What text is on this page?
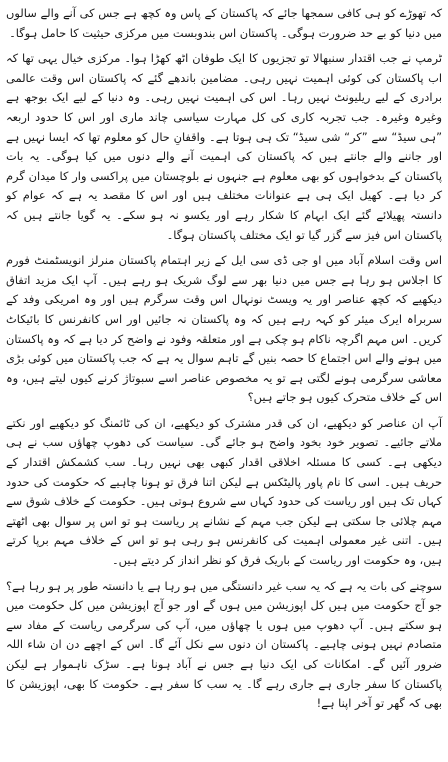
کہ تھوڑے کو ہی کافی سمجھا جائے کہ پاکستان کے پاس وہ کچھ ہے جس کی آنے والے سالوں میں دنیا کو بے حد ضرورت ہوگی۔ پاکستان اس بندوبست میں مرکزی حیثیت کا حامل ہوگا۔

ٹرمپ نے جب اقتدار سنبھالا تو تجزیوں کا ایک طوفان اٹھ کھڑا ہوا۔ مرکزی خیال یہی تھا کہ اب پاکستان کی کوئی اہمیت نہیں رہی۔ مضامین باندھے گئے کہ پاکستان اس وقت عالمی برادری کے لیے ریلیونٹ نہیں رہا۔ اس کی اہمیت نہیں رہی۔ وہ دنیا کے لیے ایک بوجھ ہے وغیرہ وغیرہ۔ جب تجربہ کاری کی کل مہارت سیاسی چاند ماری اور اس کا حدود اربعہ ”ہی سیڈ“ سے ”کر“ شی سیڈ“ تک ہی ہوتا ہے۔ واقفانِ حال کو معلوم تھا کہ ایسا نہیں ہے اور جاننے والے جانتے ہیں کہ پاکستان کی اہمیت آنے والے دنوں میں کیا ہوگی۔ یہ بات پاکستان کے بدخواہوں کو بھی معلوم ہے جنہوں نے بلوچستان میں پراکسی وار کا میدان گرم کر دیا ہے۔ کھیل ایک ہی ہے عنوانات مختلف ہیں اور اس کا مقصد یہ ہے کہ عوام کو دانستہ پھیلائے گئے ایک ابہام کا شکار رہے اور یکسو نہ ہو سکے۔ یہ گویا جانتے ہیں کہ پاکستان اس فیز سے گزر گیا تو ایک مختلف پاکستان ہوگا۔

اس وقت اسلام آباد میں او جی ڈی سی ایل کے زیر اہتمام پاکستان منرلز انویسٹمنٹ فورم کا اجلاس ہو رہا ہے جس میں دنیا بھر سے لوگ شریک ہو رہے ہیں۔ آپ ایک مزید اتفاق دیکھیے کہ کچھ عناصر اور یہ ویسٹ نونہال اس وقت سرگرم ہیں اور وہ امریکی وفد کے سربراہ ایرک میئر کو کہہ رہے ہیں کہ وہ پاکستان نہ جائیں اور اس کانفرنس کا بائیکاٹ کریں۔ اس مہم اگرچہ ناکام ہو چکی ہے اور متعلقہ وفود نے واضح کر دیا ہے کہ وہ پاکستان میں ہونے والے اس اجتماع کا حصہ بنیں گے تاہم سوال یہ ہے کہ جب پاکستان میں کوئی بڑی معاشی سرگرمی ہونے لگتی ہے تو یہ مخصوص عناصر اسے سبوتاژ کرنے کیوں لیتے ہیں، وہ اس کے خلاف متحرک کیوں ہو جاتے ہیں؟

آپ ان عناصر کو دیکھیے، ان کی قدر مشترک کو دیکھیے، ان کی ٹائمنگ کو دیکھیے اور نکتے ملاتے جائیے۔ تصویر خود بخود واضح ہو جائے گی۔ سیاست کی دھوپ چھاؤں سب نے ہی دیکھی ہے۔ کسی کا مسئلہ اخلاقی اقدار کبھی بھی نہیں رہا۔ سب کشمکش اقتدار کے حریف ہیں۔ اسی کا نام پاور پالیٹکس ہے لیکن اتنا فرق تو ہونا چاہیے کہ حکومت کی حدود کہاں تک ہیں اور ریاست کی حدود کہاں سے شروع ہوتی ہیں۔ حکومت کے خلاف شوق سے مہم چلائی جا سکتی ہے لیکن جب مہم کے نشانے پر ریاست ہو تو اس پر سوال بھی اٹھتے ہیں۔ اتنی غیر معمولی اہمیت کی کانفرنس ہو رہی ہو تو اس کے خلاف مہم برپا کرتے ہیں، وہ حکومت اور ریاست کے باریک فرق کو نظر انداز کر دیتے ہیں۔

سوچنے کی بات یہ ہے کہ یہ سب غیر دانستگی میں ہو رہا ہے یا دانستہ طور پر ہو رہا ہے؟ جو آج حکومت میں ہیں کل اپوزیشن میں ہوں گے اور جو آج اپوزیشن میں کل حکومت میں ہو سکتے ہیں۔ آپ دھوپ میں ہوں یا چھاؤں میں، آپ کی سرگرمی ریاست کے مفاد سے متصادم نہیں ہونی چاہیے۔ پاکستان ان دنوں سے نکل آئے گا۔ اس کے اچھے دن ان شاء اللہ ضرور آئیں گے۔ امکانات کی ایک دنیا ہے جس نے آباد ہونا ہے۔ سڑک ناہموار ہے لیکن پاکستان کا سفر جاری ہے جاری رہے گا۔ یہ سب کا سفر ہے۔ حکومت کا بھی، اپوزیشن کا بھی کہ گھر تو آخر اپنا ہے!
